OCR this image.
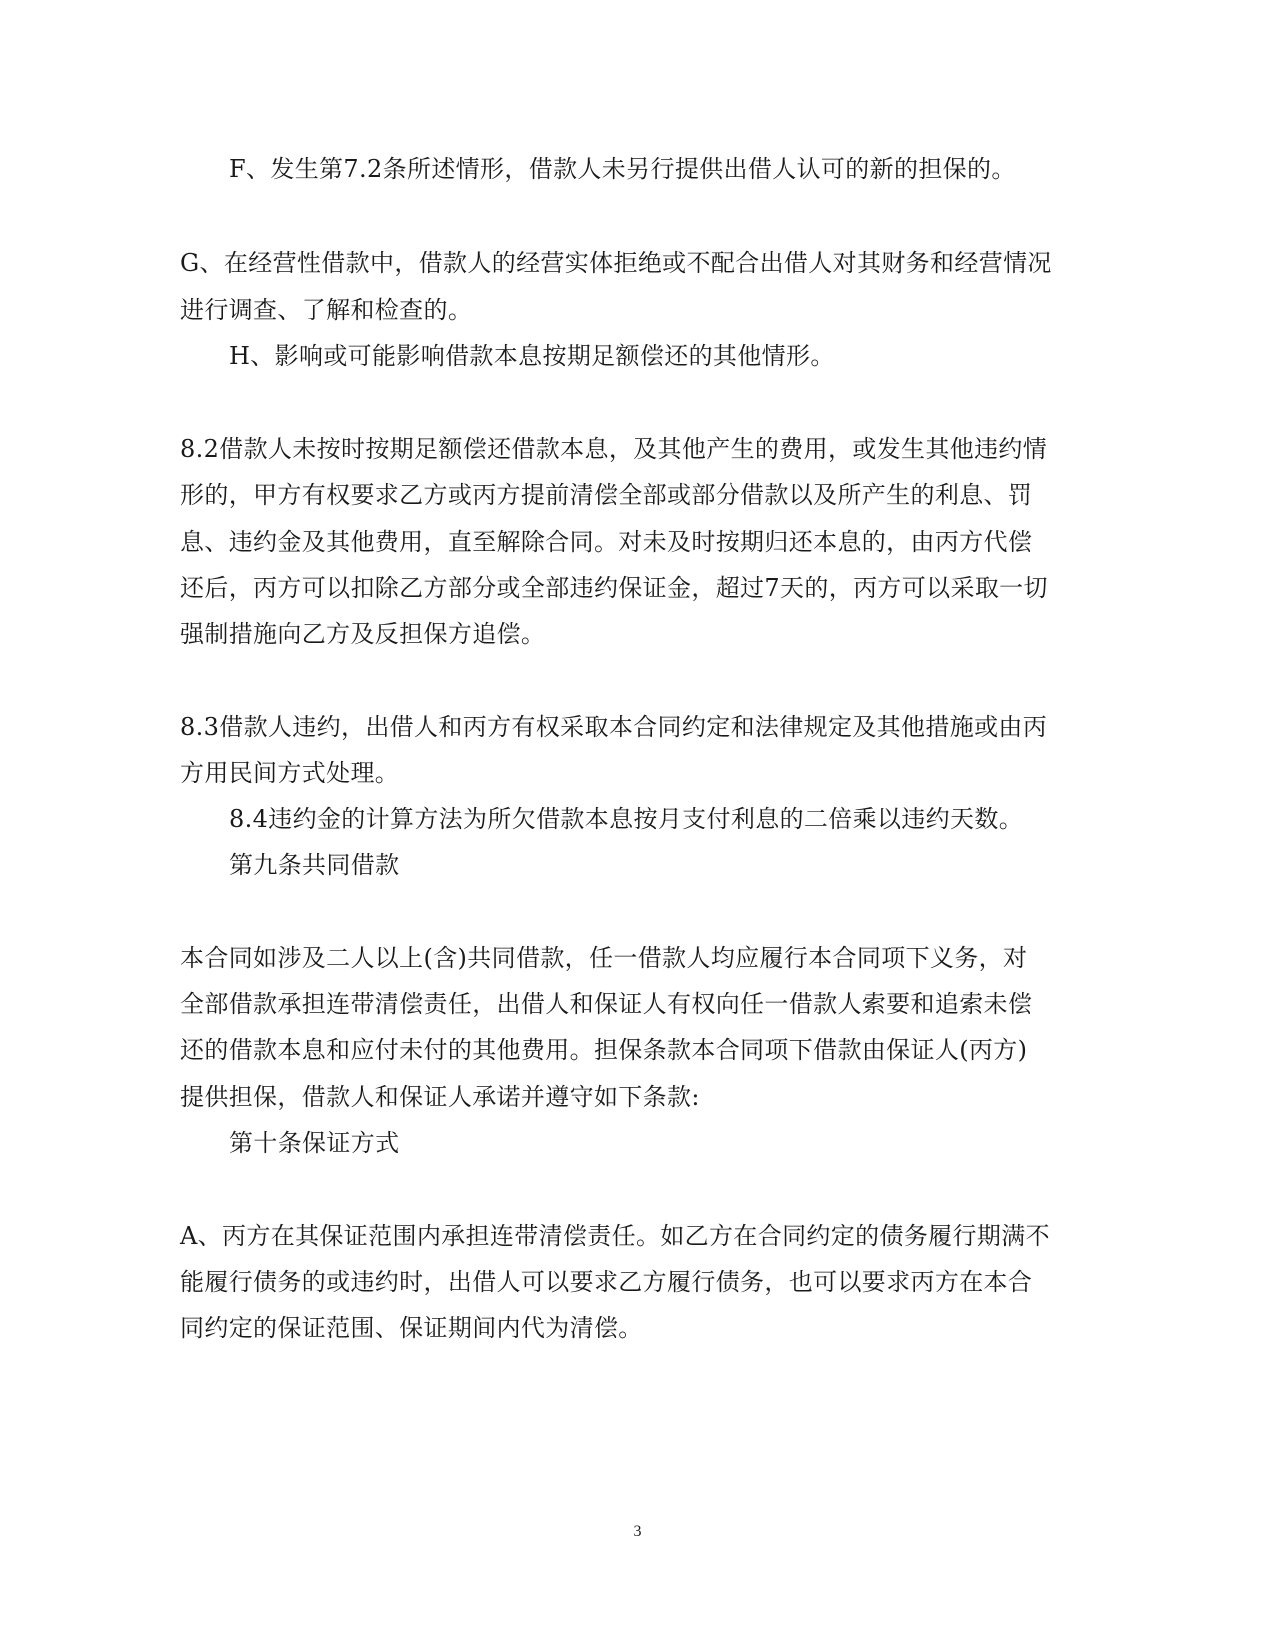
F、发生第7.2条所述情形，借款人未另行提供出借人认可的新的担保的。
G、在经营性借款中，借款人的经营实体拒绝或不配合出借人对其财务和经营情况
进行调查、了解和检查的。
H、影响或可能影响借款本息按期足额偿还的其他情形。
8.2借款人未按时按期足额偿还借款本息，及其他产生的费用，或发生其他违约情
形的，甲方有权要求乙方或丙方提前清偿全部或部分借款以及所产生的利息、罚
息、违约金及其他费用，直至解除合同。对未及时按期归还本息的，由丙方代偿
还后，丙方可以扣除乙方部分或全部违约保证金，超过7天的，丙方可以采取一切
强制措施向乙方及反担保方追偿。
8.3借款人违约，出借人和丙方有权采取本合同约定和法律规定及其他措施或由丙
方用民间方式处理。
8.4违约金的计算方法为所欠借款本息按月支付利息的二倍乘以违约天数。
第九条共同借款
本合同如涉及二人以上(含)共同借款，任一借款人均应履行本合同项下义务，对
全部借款承担连带清偿责任，出借人和保证人有权向任一借款人索要和追索未偿
还的借款本息和应付未付的其他费用。担保条款本合同项下借款由保证人(丙方)
提供担保，借款人和保证人承诺并遵守如下条款:
第十条保证方式
A、丙方在其保证范围内承担连带清偿责任。如乙方在合同约定的债务履行期满不
能履行债务的或违约时，出借人可以要求乙方履行债务，也可以要求丙方在本合
同约定的保证范围、保证期间内代为清偿。
3
